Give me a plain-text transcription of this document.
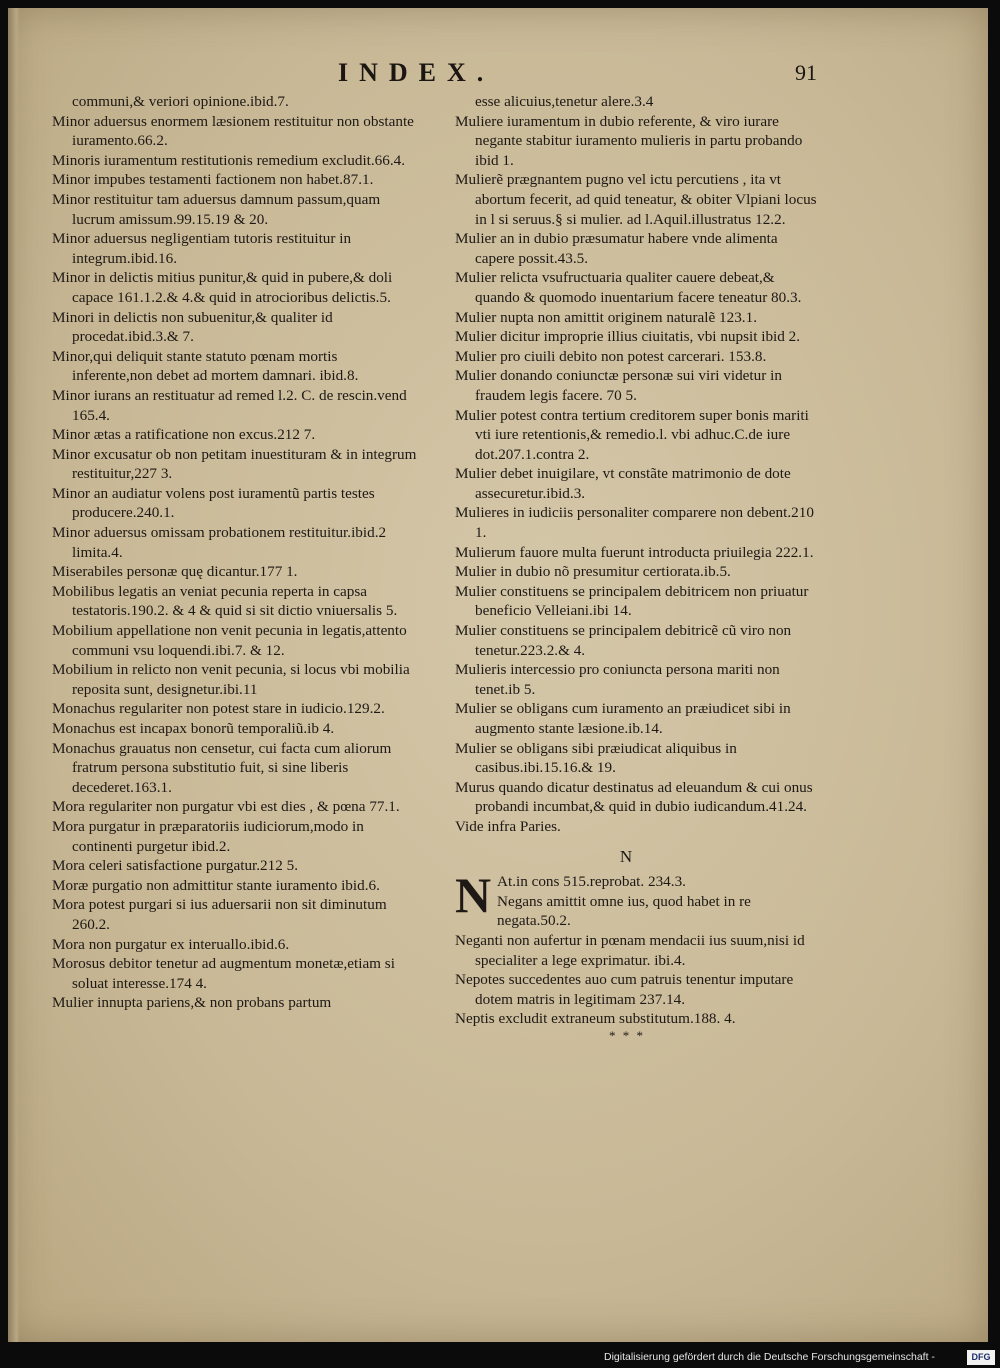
INDEX.	91

communi,& veriori opinione.ibid.7.

Minor aduersus enormem læsionem restituitur non obstante iuramento.66.2.

Minoris iuramentum restitutionis remedium excludit.66.4.

Minor impubes testamenti factionem non habet.87.1.

Minor restituitur tam aduersus damnum passum,quam lucrum amissum.99.15.19 & 20.

Minor aduersus negligentiam tutoris restituitur in integrum.ibid.16.

Minor in delictis mitius punitur,& quid in pubere,& doli capace 161.1.2.& 4.& quid in atrocioribus delictis.5.

Minori in delictis non subuenitur,& qualiter id procedat.ibid.3.& 7.

Minor,qui deliquit stante statuto pœnam mortis inferente,non debet ad mortem damnari. ibid.8.

Minor iurans an restituatur ad remed l.2. C. de rescin.vend 165.4.

Minor ætas a ratificatione non excus.212 7.

Minor excusatur ob non petitam inuestituram & in integrum restituitur,227 3.

Minor an audiatur volens post iuramentũ partis testes producere.240.1.

Minor aduersus omissam probationem restituitur.ibid.2 limita.4.

Miserabiles personæ quę dicantur.177 1.

Mobilibus legatis an veniat pecunia reperta in capsa testatoris.190.2. & 4 & quid si sit dictio vniuersalis 5.

Mobilium appellatione non venit pecunia in legatis,attento communi vsu loquendi.ibi.7. & 12.

Mobilium in relicto non venit pecunia, si locus vbi mobilia reposita sunt, designetur.ibi.11

Monachus regulariter non potest stare in iudicio.129.2.

Monachus est incapax bonorũ temporaliũ.ib 4.

Monachus grauatus non censetur, cui facta cum aliorum fratrum persona substitutio fuit, si sine liberis decederet.163.1.

Mora regulariter non purgatur vbi est dies , & pœna 77.1.

Mora purgatur in præparatoriis iudiciorum,modo in continenti purgetur ibid.2.

Mora celeri satisfactione purgatur.212 5.

Moræ purgatio non admittitur stante iuramento ibid.6.

Mora potest purgari si ius aduersarii non sit diminutum 260.2.

Mora non purgatur ex interuallo.ibid.6.

Morosus debitor tenetur ad augmentum monetæ,etiam si soluat interesse.174 4.

Mulier innupta pariens,& non probans partum

esse alicuius,tenetur alere.3.4

Muliere iuramentum in dubio referente, & viro iurare negante stabitur iuramento mulieris in partu probando ibid 1.

Mulierẽ prægnantem pugno vel ictu percutiens , ita vt abortum fecerit, ad quid teneatur, & obiter Vlpiani locus in l si seruus.§ si mulier. ad l.Aquil.illustratus 12.2.

Mulier an in dubio præsumatur habere vnde alimenta capere possit.43.5.

Mulier relicta vsufructuaria qualiter cauere debeat,& quando & quomodo inuentarium facere teneatur 80.3.

Mulier nupta non amittit originem naturalẽ 123.1.

Mulier dicitur improprie illius ciuitatis, vbi nupsit ibid 2.

Mulier pro ciuili debito non potest carcerari. 153.8.

Mulier donando coniunctæ personæ sui viri videtur in fraudem legis facere. 70 5.

Mulier potest contra tertium creditorem super bonis mariti vti iure retentionis,& remedio.l. vbi adhuc.C.de iure dot.207.1.contra 2.

Mulier debet inuigilare, vt constãte matrimonio de dote assecuretur.ibid.3.

Mulieres in iudiciis personaliter comparere non debent.210 1.

Mulierum fauore multa fuerunt introducta priuilegia 222.1.

Mulier in dubio nõ presumitur certiorata.ib.5.

Mulier constituens se principalem debitricem non priuatur beneficio Velleiani.ibi 14.

Mulier constituens se principalem debitricẽ cũ viro non tenetur.223.2.& 4.

Mulieris intercessio pro coniuncta persona mariti non tenet.ib 5.

Mulier se obligans cum iuramento an præiudicet sibi in augmento stante læsione.ib.14.

Mulier se obligans sibi præiudicat aliquibus in casibus.ibi.15.16.& 19.

Murus quando dicatur destinatus ad eleuandum & cui onus probandi incumbat,& quid in dubio iudicandum.41.24.

Vide infra Paries.

N

N At.in cons 515.reprobat. 234.3.

Negans amittit omne ius, quod habet in re negata.50.2.

Neganti non aufertur in pœnam mendacii ius suum,nisi id specialiter a lege exprimatur. ibi.4.

Nepotes succedentes auo cum patruis tenentur imputare dotem matris in legitimam 237.14.

Neptis excludit extraneum substitutum.188. 4.

* * *
Digitalisierung gefördert durch die Deutsche Forschungsgemeinschaft -	DFG
